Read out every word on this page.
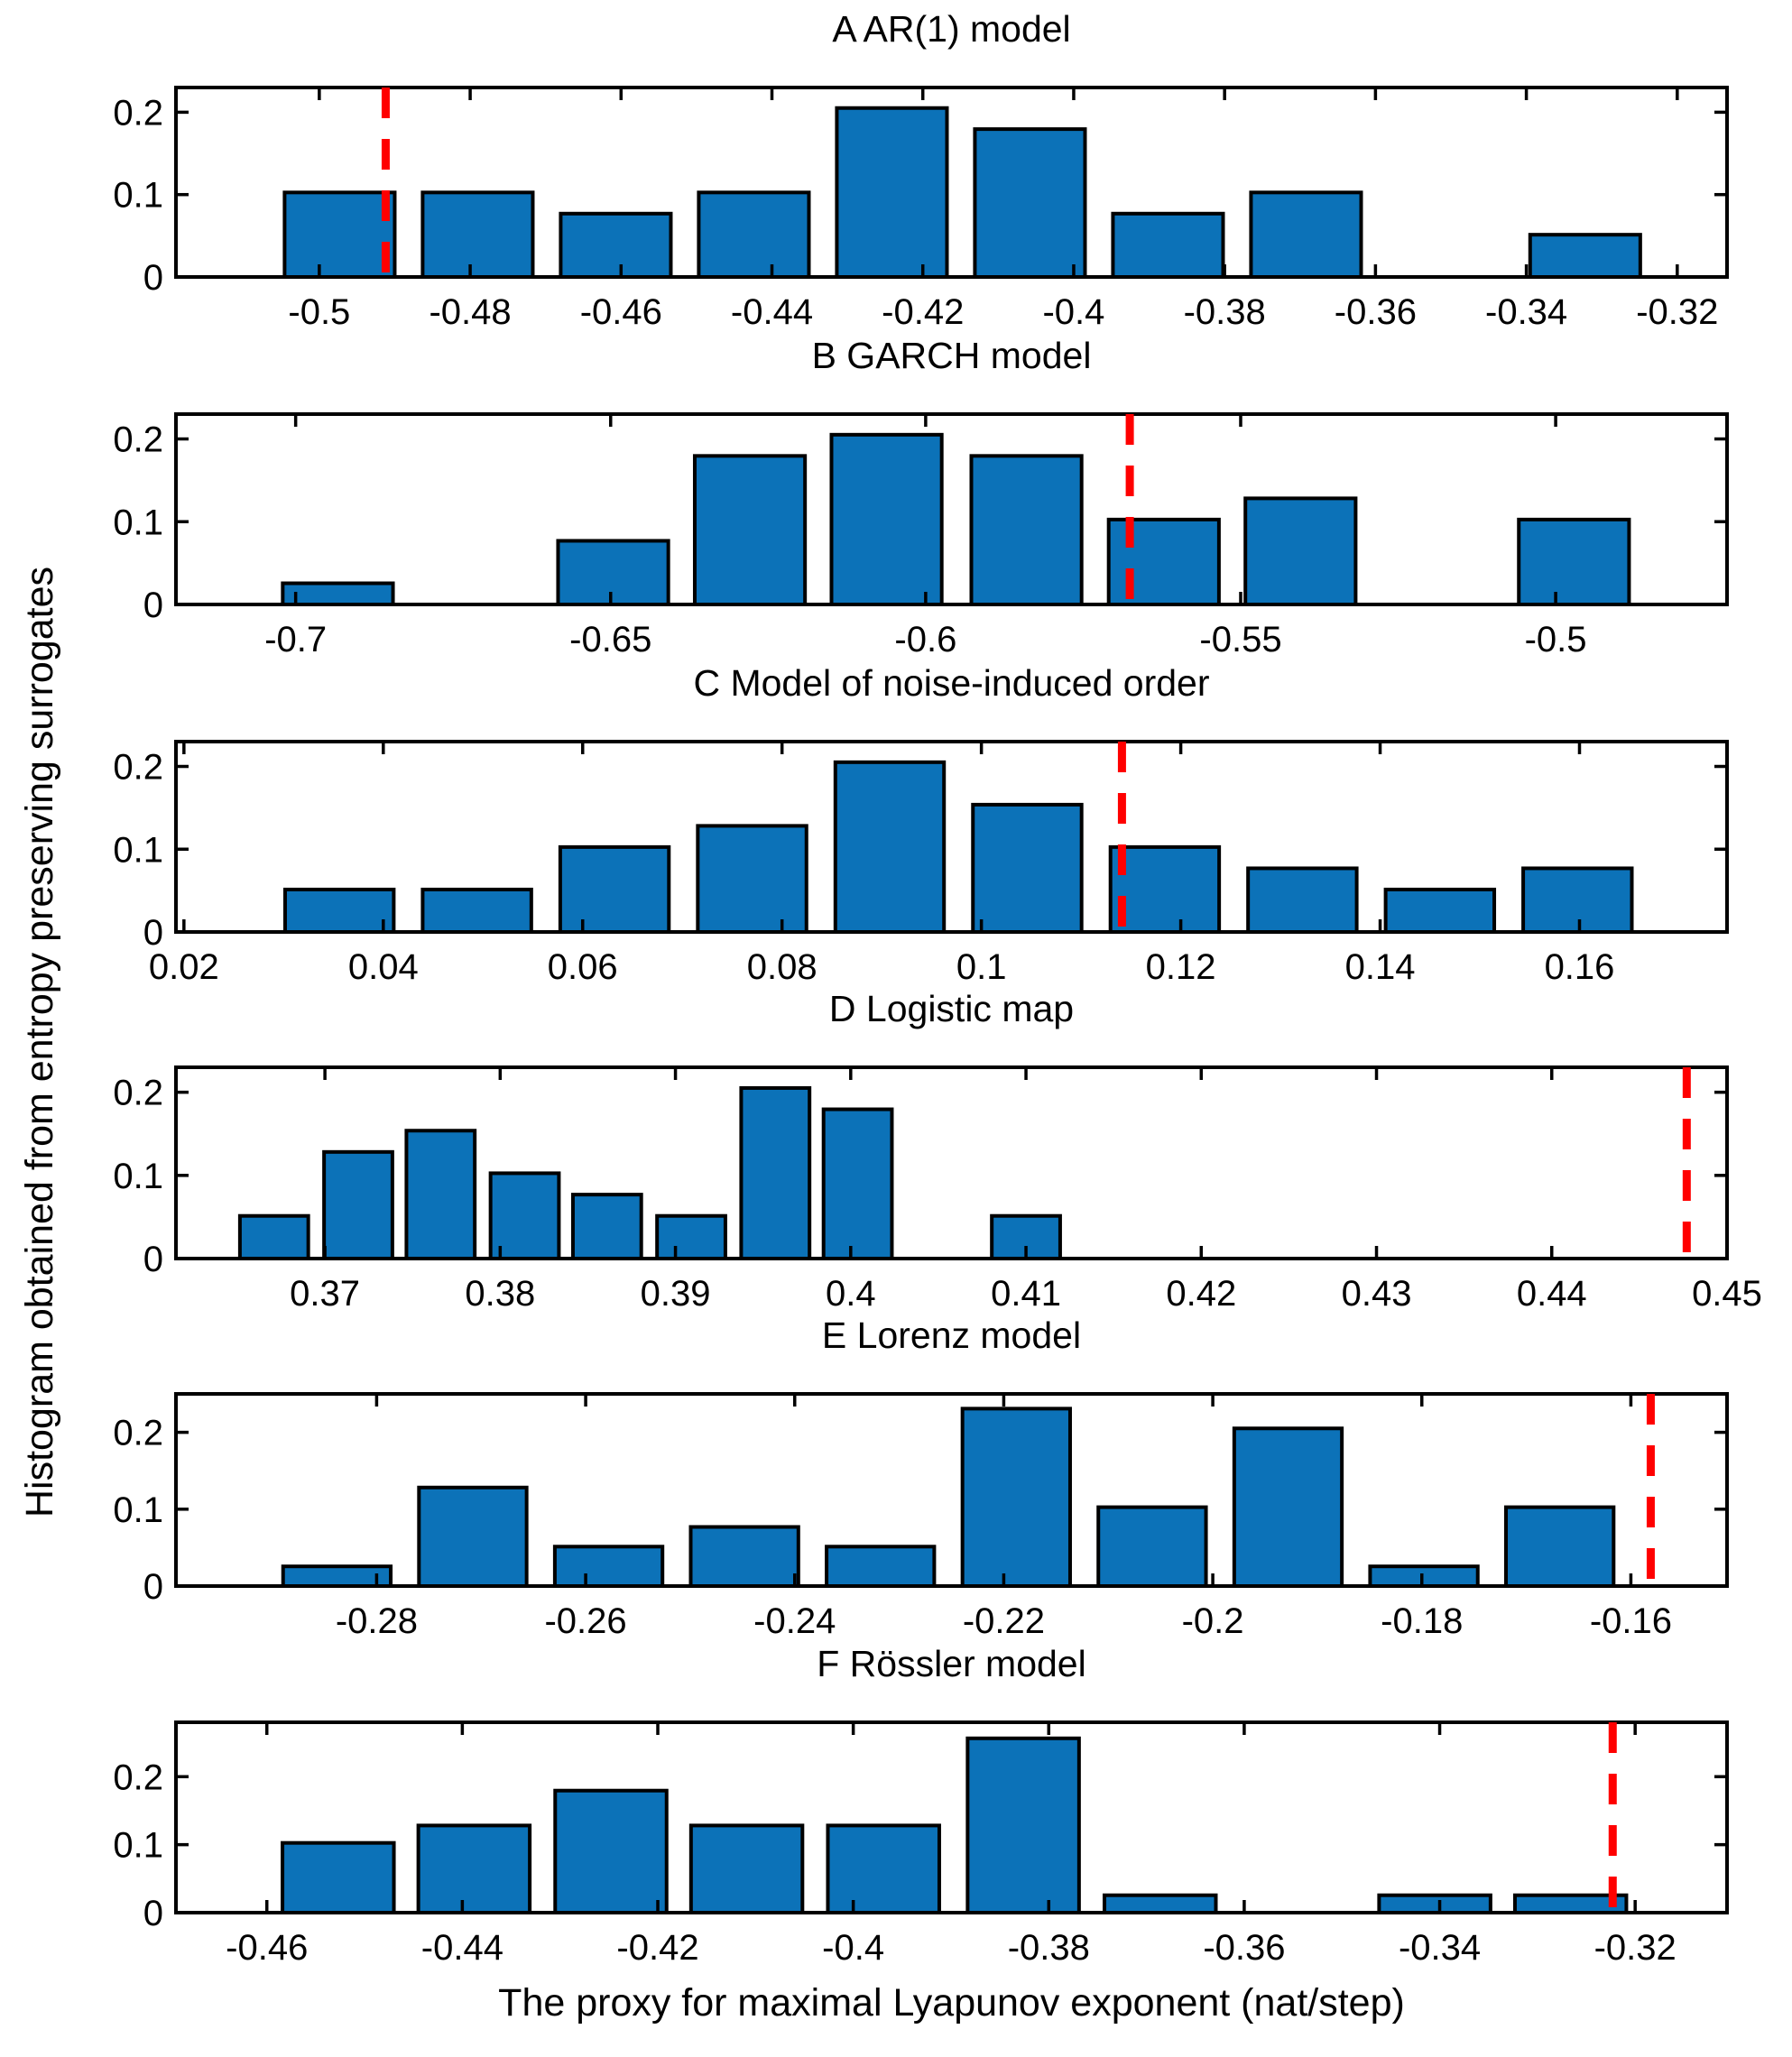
-0.5 -0.48 -0.46 -0.44 -0.42 -0.4 -0.38 -0.36 -0.34 -0.32
0
0.1
0.2
-0.7	-0.65	-0.6	-0.55	-0.5
0
0.1
0.2
0.02	0.04	0.06	0.08	0.1	0.12	0.14	0.16
0
0.1
0.2
0.37	0.38	0.39	0.4	0.41	0.42	0.43	0.44	0.45
0
0.1
0.2
-0.28	-0.26	-0.24	-0.22	-0.2	-0.18	-0.16
0
0.1
0.2
-0.46	-0.44	-0.42	-0.4	-0.38	-0.36	-0.34	-0.32
0
0.1
0.2
A AR(1) model
B GARCH model
C Model of noise-induced order
D Logistic map
E Lorenz model
F Rössler model
Histogram obtained from entropy preserving surrogates
The proxy for maximal Lyapunov exponent (nat/step)
